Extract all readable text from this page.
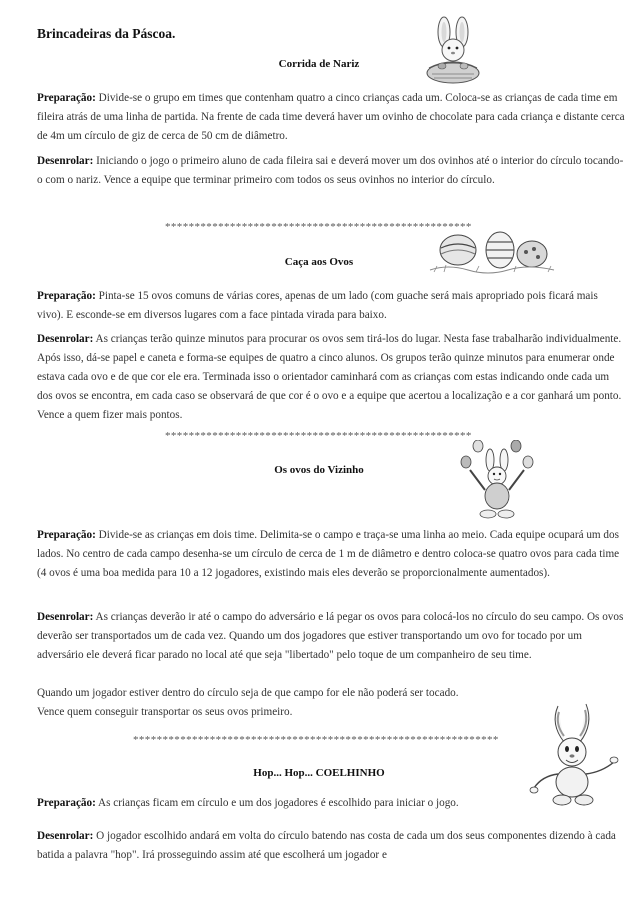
Brincadeiras da Páscoa.
Corrida de Nariz
Preparação: Divide-se o grupo em times que contenham quatro a cinco crianças cada um. Coloca-se as crianças de cada time em fileira atrás de uma linha de partida. Na frente de cada time deverá haver um ovinho de chocolate para cada criança e distante cerca de 4m um círculo de giz de cerca de 50 cm de diâmetro.
Desenrolar: Iniciando o jogo o primeiro aluno de cada fileira sai e deverá mover um dos ovinhos até o interior do círculo tocando-o com o nariz. Vence a equipe que terminar primeiro com todos os seus ovinhos no interior do círculo.
****************************************************
Caça aos Ovos
Preparação: Pinta-se 15 ovos comuns de várias cores, apenas de um lado (com guache será mais apropriado pois ficará mais vivo). E esconde-se em diversos lugares com a face pintada virada para baixo.
Desenrolar: As crianças terão quinze minutos para procurar os ovos sem tirá-los do lugar. Nesta fase trabalharão individualmente. Após isso, dá-se papel e caneta e forma-se equipes de quatro a cinco alunos. Os grupos terão quinze minutos para enumerar onde estava cada ovo e de que cor ele era. Terminada isso o orientador caminhará com as crianças com estas indicando onde cada um dos ovos se encontra, em cada caso se observará de que cor é o ovo e a equipe que acertou a localização e a cor ganhará um ponto. Vence a quem fizer mais pontos.
****************************************************
Os ovos do Vizinho
Preparação: Divide-se as crianças em dois time. Delimita-se o campo e traça-se uma linha ao meio. Cada equipe ocupará um dos lados. No centro de cada campo desenha-se um círculo de cerca de 1 m de diâmetro e dentro coloca-se quatro ovos para cada time (4 ovos é uma boa medida para 10 a 12 jogadores, existindo mais eles deverão se proporcionalmente aumentados).
Desenrolar: As crianças deverão ir até o campo do adversário e lá pegar os ovos para colocá-los no círculo do seu campo. Os ovos deverão ser transportados um de cada vez. Quando um dos jogadores que estiver transportando um ovo for tocado por um adversário ele deverá ficar parado no local até que seja "libertado" pelo toque de um companheiro de seu time.
Quando um jogador estiver dentro do círculo seja de que campo for ele não poderá ser tocado.
Vence quem conseguir transportar os seus ovos primeiro.
**************************************************************
Hop... Hop... COELHINHO
Preparação: As crianças ficam em círculo e um dos jogadores é escolhido para iniciar o jogo.
Desenrolar: O jogador escolhido andará em volta do círculo batendo nas costa de cada um dos seus componentes dizendo à cada batida a palavra "hop". Irá prosseguindo assim até que escolherá um jogador e
